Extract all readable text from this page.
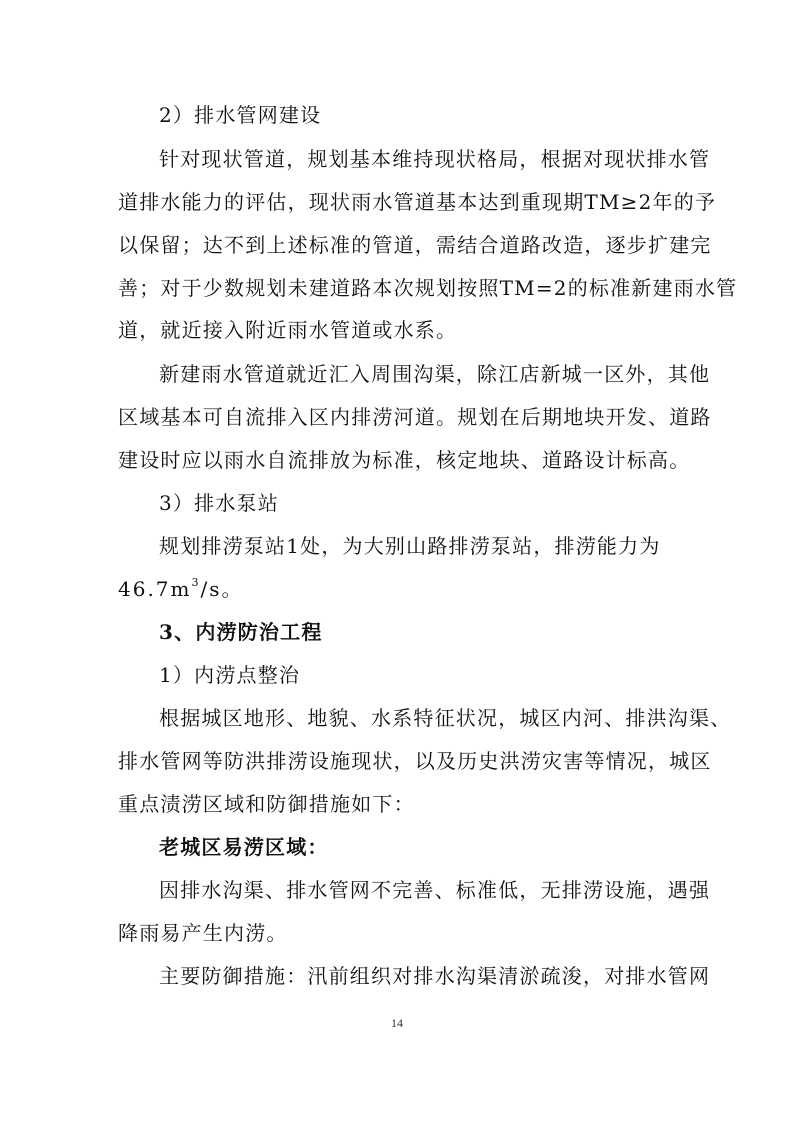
2）排水管网建设
针对现状管道，规划基本维持现状格局，根据对现状排水管
道排水能力的评估，现状雨水管道基本达到重现期TM≥2年的予
以保留；达不到上述标准的管道，需结合道路改造，逐步扩建完
善；对于少数规划未建道路本次规划按照TM=2的标准新建雨水管
道，就近接入附近雨水管道或水系。
新建雨水管道就近汇入周围沟渠，除江店新城一区外，其他
区域基本可自流排入区内排涝河道。规划在后期地块开发、道路
建设时应以雨水自流排放为标准，核定地块、道路设计标高。
3）排水泵站
规划排涝泵站1处，为大别山路排涝泵站，排涝能力为
$46.7m^3/s$。
3、内涝防治工程
1）内涝点整治
根据城区地形、地貌、水系特征状况，城区内河、排洪沟渠、
排水管网等防洪排涝设施现状，以及历史洪涝灾害等情况，城区
重点渍涝区域和防御措施如下：
老城区易涝区域：
因排水沟渠、排水管网不完善、标准低，无排涝设施，遇强
降雨易产生内涝。
主要防御措施：汛前组织对排水沟渠清淤疏浚，对排水管网
14
